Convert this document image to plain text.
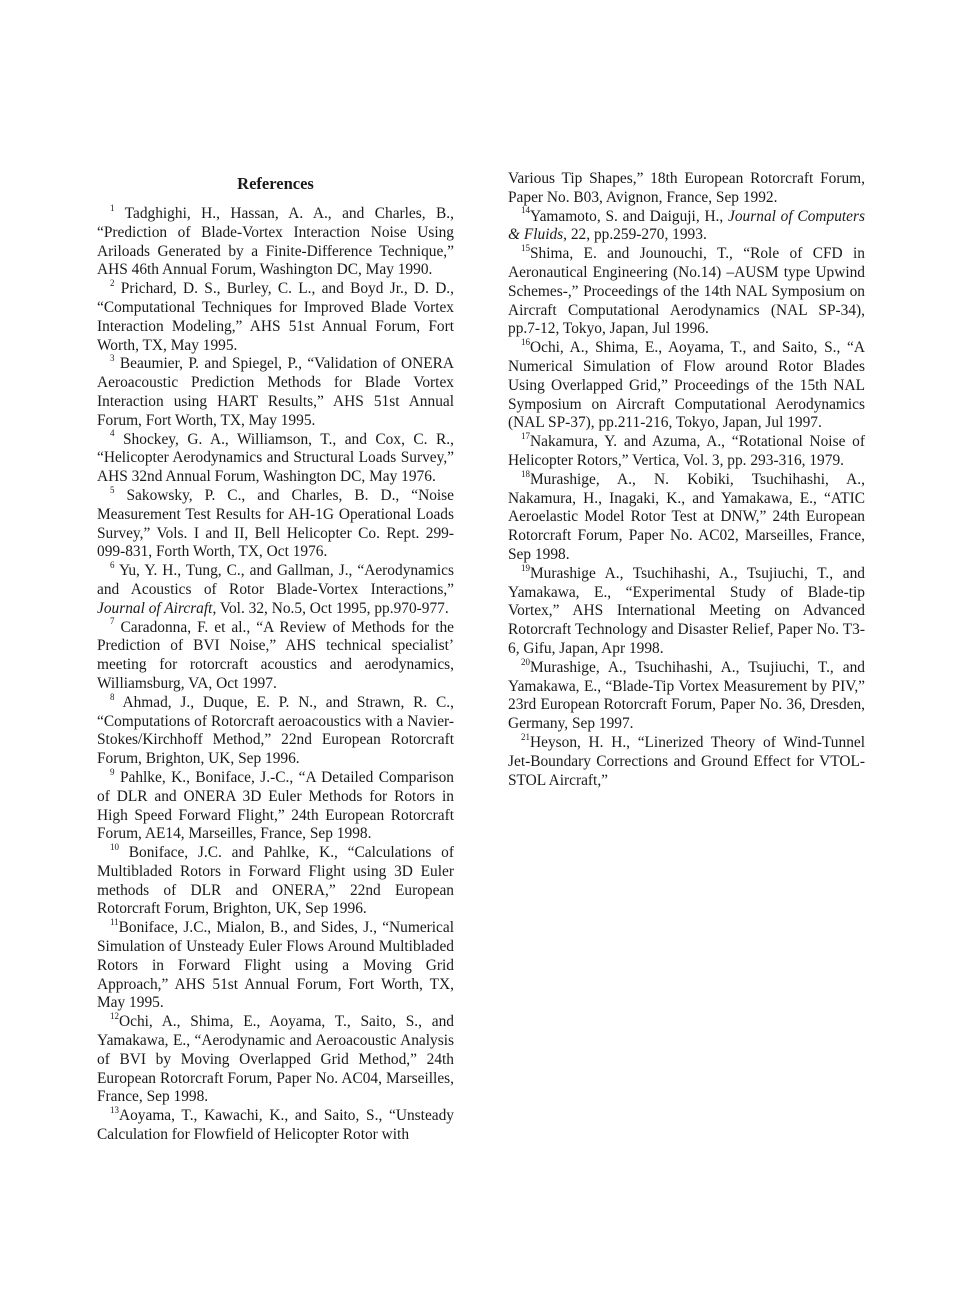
References

$^1$ Tadghighi, H., Hassan, A. A., and Charles, B., “Prediction of Blade-Vortex Interaction Noise Using Ariloads Generated by a Finite-Difference Technique,” AHS 46th Annual Forum, Washington DC, May 1990.

$^2$ Prichard, D. S., Burley, C. L., and Boyd Jr., D. D., “Computational Techniques for Improved Blade Vortex Interaction Modeling,” AHS 51st Annual Forum, Fort Worth, TX, May 1995.

$^3$ Beaumier, P. and Spiegel, P., “Validation of ONERA Aeroacoustic Prediction Methods for Blade Vortex Interaction using HART Results,” AHS 51st Annual Forum, Fort Worth, TX, May 1995.

$^4$ Shockey, G. A., Williamson, T., and Cox, C. R., “Helicopter Aerodynamics and Structural Loads Survey,” AHS 32nd Annual Forum, Washington DC, May 1976.

$^5$ Sakowsky, P. C., and Charles, B. D., “Noise Measurement Test Results for AH-1G Operational Loads Survey,” Vols. I and II, Bell Helicopter Co. Rept. 299-099-831, Forth Worth, TX, Oct 1976.

$^6$ Yu, Y. H., Tung, C., and Gallman, J., “Aerodynamics and Acoustics of Rotor Blade-Vortex Interactions,” Journal of Aircraft, Vol. 32, No.5, Oct 1995, pp.970-977.

$^7$ Caradonna, F. et al., “A Review of Methods for the Prediction of BVI Noise,” AHS technical specialist’ meeting for rotorcraft acoustics and aerodynamics, Williamsburg, VA, Oct 1997.

$^8$ Ahmad, J., Duque, E. P. N., and Strawn, R. C., “Computations of Rotorcraft aeroacoustics with a Navier-Stokes/Kirchhoff Method,” 22nd European Rotorcraft Forum, Brighton, UK, Sep 1996.

$^9$ Pahlke, K., Boniface, J.-C., “A Detailed Comparison of DLR and ONERA 3D Euler Methods for Rotors in High Speed Forward Flight,” 24th European Rotorcraft Forum, AE14, Marseilles, France, Sep 1998.

$^{10}$ Boniface, J.C. and Pahlke, K., “Calculations of Multibladed Rotors in Forward Flight using 3D Euler methods of DLR and ONERA,” 22nd European Rotorcraft Forum, Brighton, UK, Sep 1996.

$^{11}$Boniface, J.C., Mialon, B., and Sides, J., “Numerical Simulation of Unsteady Euler Flows Around Multibladed Rotors in Forward Flight using a Moving Grid Approach,” AHS 51st Annual Forum, Fort Worth, TX, May 1995.

$^{12}$Ochi, A., Shima, E., Aoyama, T., Saito, S., and Yamakawa, E., “Aerodynamic and Aeroacoustic Analysis of BVI by Moving Overlapped Grid Method,” 24th European Rotorcraft Forum, Paper No. AC04, Marseilles, France, Sep 1998.

$^{13}$Aoyama, T., Kawachi, K., and Saito, S., “Unsteady Calculation for Flowfield of Helicopter Rotor with

Various Tip Shapes,” 18th European Rotorcraft Forum, Paper No. B03, Avignon, France, Sep 1992.

$^{14}$Yamamoto, S. and Daiguji, H., Journal of Computers & Fluids, 22, pp.259-270, 1993.

$^{15}$Shima, E. and Jounouchi, T., “Role of CFD in Aeronautical Engineering (No.14) –AUSM type Upwind Schemes-,” Proceedings of the 14th NAL Symposium on Aircraft Computational Aerodynamics (NAL SP-34), pp.7-12, Tokyo, Japan, Jul 1996.

$^{16}$Ochi, A., Shima, E., Aoyama, T., and Saito, S., “A Numerical Simulation of Flow around Rotor Blades Using Overlapped Grid,” Proceedings of the 15th NAL Symposium on Aircraft Computational Aerodynamics (NAL SP-37), pp.211-216, Tokyo, Japan, Jul 1997.

$^{17}$Nakamura, Y. and Azuma, A., “Rotational Noise of Helicopter Rotors,” Vertica, Vol. 3, pp. 293-316, 1979.

$^{18}$Murashige, A., N. Kobiki, Tsuchihashi, A., Nakamura, H., Inagaki, K., and Yamakawa, E., “ATIC Aeroelastic Model Rotor Test at DNW,” 24th European Rotorcraft Forum, Paper No. AC02, Marseilles, France, Sep 1998.

$^{19}$Murashige A., Tsuchihashi, A., Tsujiuchi, T., and Yamakawa, E., “Experimental Study of Blade-tip Vortex,” AHS International Meeting on Advanced Rotorcraft Technology and Disaster Relief, Paper No. T3-6, Gifu, Japan, Apr 1998.

$^{20}$Murashige, A., Tsuchihashi, A., Tsujiuchi, T., and Yamakawa, E., “Blade-Tip Vortex Measurement by PIV,” 23rd European Rotorcraft Forum, Paper No. 36, Dresden, Germany, Sep 1997.

$^{21}$Heyson, H. H., “Linerized Theory of Wind-Tunnel Jet-Boundary Corrections and Ground Effect for VTOL-STOL Aircraft,”
